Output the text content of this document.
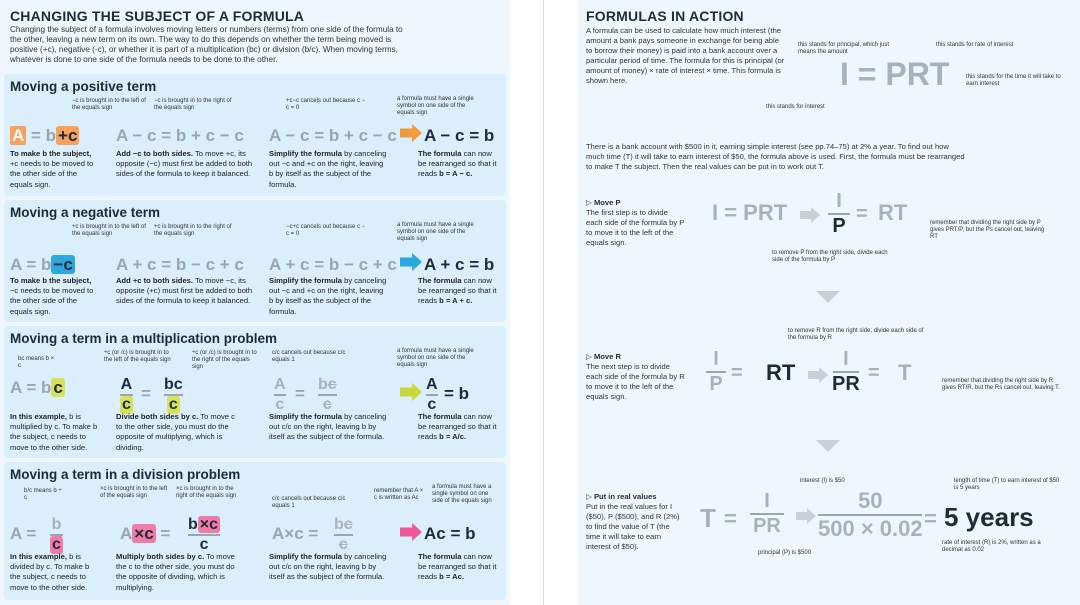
CHANGING THE SUBJECT OF A FORMULA
Changing the subject of a formula involves moving letters or numbers (terms) from one side of the formula to the other, leaving a new term on its own. The way to do this depends on whether the term being moved is positive (+c), negative (-c), or whether it is part of a multiplication (bc) or division (b/c). When moving terms, whatever is done to one side of the formula needs to be done to the other.
Moving a positive term
−c is brought in to the left of the equals sign
−c is brought in to the right of the equals sign
+c−c cancels out because c − c = 0
a formula must have a single symbol on one side of the equals sign
A = b +c A − c = b + c − c A − c = b + c − c A − c = b
To make b the subject, +c needs to be moved to the other side of the equals sign.
Add −c to both sides. To move +c, its opposite (−c) must first be added to both sides of the formula to keep it balanced.
Simplify the formula by canceling out −c and +c on the right, leaving b by itself as the subject of the formula.
The formula can now be rearranged so that it reads b = A − c.
Moving a negative term
+c is brought in to the left of the equals sign
+c is brought in to the right of the equals sign
−c+c cancels out because c − c = 0
a formula must have a single symbol on one side of the equals sign
A = b −c	A + c = b − c + c A + c = b − c + c A + c = b
To make b the subject, −c needs to be moved to the other side of the equals sign.
Add +c to both sides. To move −c, its opposite (+c) must first be added to both sides of the formula to keep it balanced.
Simplify the formula by canceling out −c and +c on the right, leaving b by itself as the subject of the formula.
The formula can now be rearranged so that it reads b = A + c.
Moving a term in a multiplication problem
bc means b × c
÷c (or /c) is brought in to the left of the equals sign
÷c (or /c) is brought in to the right of the equals sign
c/c cancels out because c/c equals 1
a formula must have a single symbol on one side of the equals sign
A = b c	A
c
= bc
c
A
c
= bc
c
A
c
= b
In this example, b is multiplied by c. To make b the subject, c needs to move to the other side.
Divide both sides by c. To move c to the other side, you must do the opposite of multiplying, which is dividing.
Simplify the formula by canceling out c/c on the right, leaving b by itself as the subject of the formula.
The formula can now be rearranged so that it reads b = A/c.
Moving a term in a division problem
b/c means b ÷ c
×c is brought in to the left of the equals sign
×c is brought in to the right of the equals sign	c/c cancels out because c/c equals 1
remember that A × c is written as Ac
a formula must have a single symbol on one side of the equals sign
A = b
c
A ×c = b ×c
c
A×c = bc
c
Ac = b
In this example, b is divided by c. To make b the subject, c needs to move to the other side.
Multiply both sides by c. To move the c to the other side, you must do the opposite of dividing, which is multiplying.
Simplify the formula by canceling out c/c on the right, leaving b by itself as the subject of the formula.
The formula can now be rearranged so that it reads b = Ac.
FORMULAS IN ACTION
A formula can be used to calculate how much interest (the amount a bank pays someone in exchange for being able to borrow their money) is paid into a bank account over a particular period of time. The formula for this is principal (or amount of money) × rate of interest × time. This formula is shown here.
this stands for principal, which just means the amount
this stands for rate of interest
this stands for the time it will take to earn interest
this stands for interest
I = PRT
There is a bank account with $500 in it, earning simple interest (see pp.74–75) at 2% a year. To find out how much time (T) it will take to earn interest of $50, the formula above is used. First, the formula must be rearranged to make T the subject. Then the real values can be put in to work out T.
▷ Move P
The first step is to divide each side of the formula by P to move it to the left of the equals sign.
I = PRT I
P
= RT
to remove P from the right side, divide each side of the formula by P
remember that dividing the right side by P gives PRT/P, but the Ps cancel out, leaving RT
to remove R from the right side, divide each side of the formula by R
▷ Move R
The next step is to divide each side of the formula by R to move it to the left of the equals sign.
I
P = RT
I
PR = T	remember that dividing the right side by R gives RT/R, but the Rs cancel out, leaving T.
interest (I) is $50	length of time (T) to earn interest of $50 is 5 years
▷ Put in real values
Put in the real values for I ($50), P ($500), and R (2%) to find the value of T (the time it will take to earn interest of $50).
T =
I
PR
50
500 × 0.02 = 5 years
principal (P) is $500
rate of interest (R) is 2%, written as a decimal as 0.02
